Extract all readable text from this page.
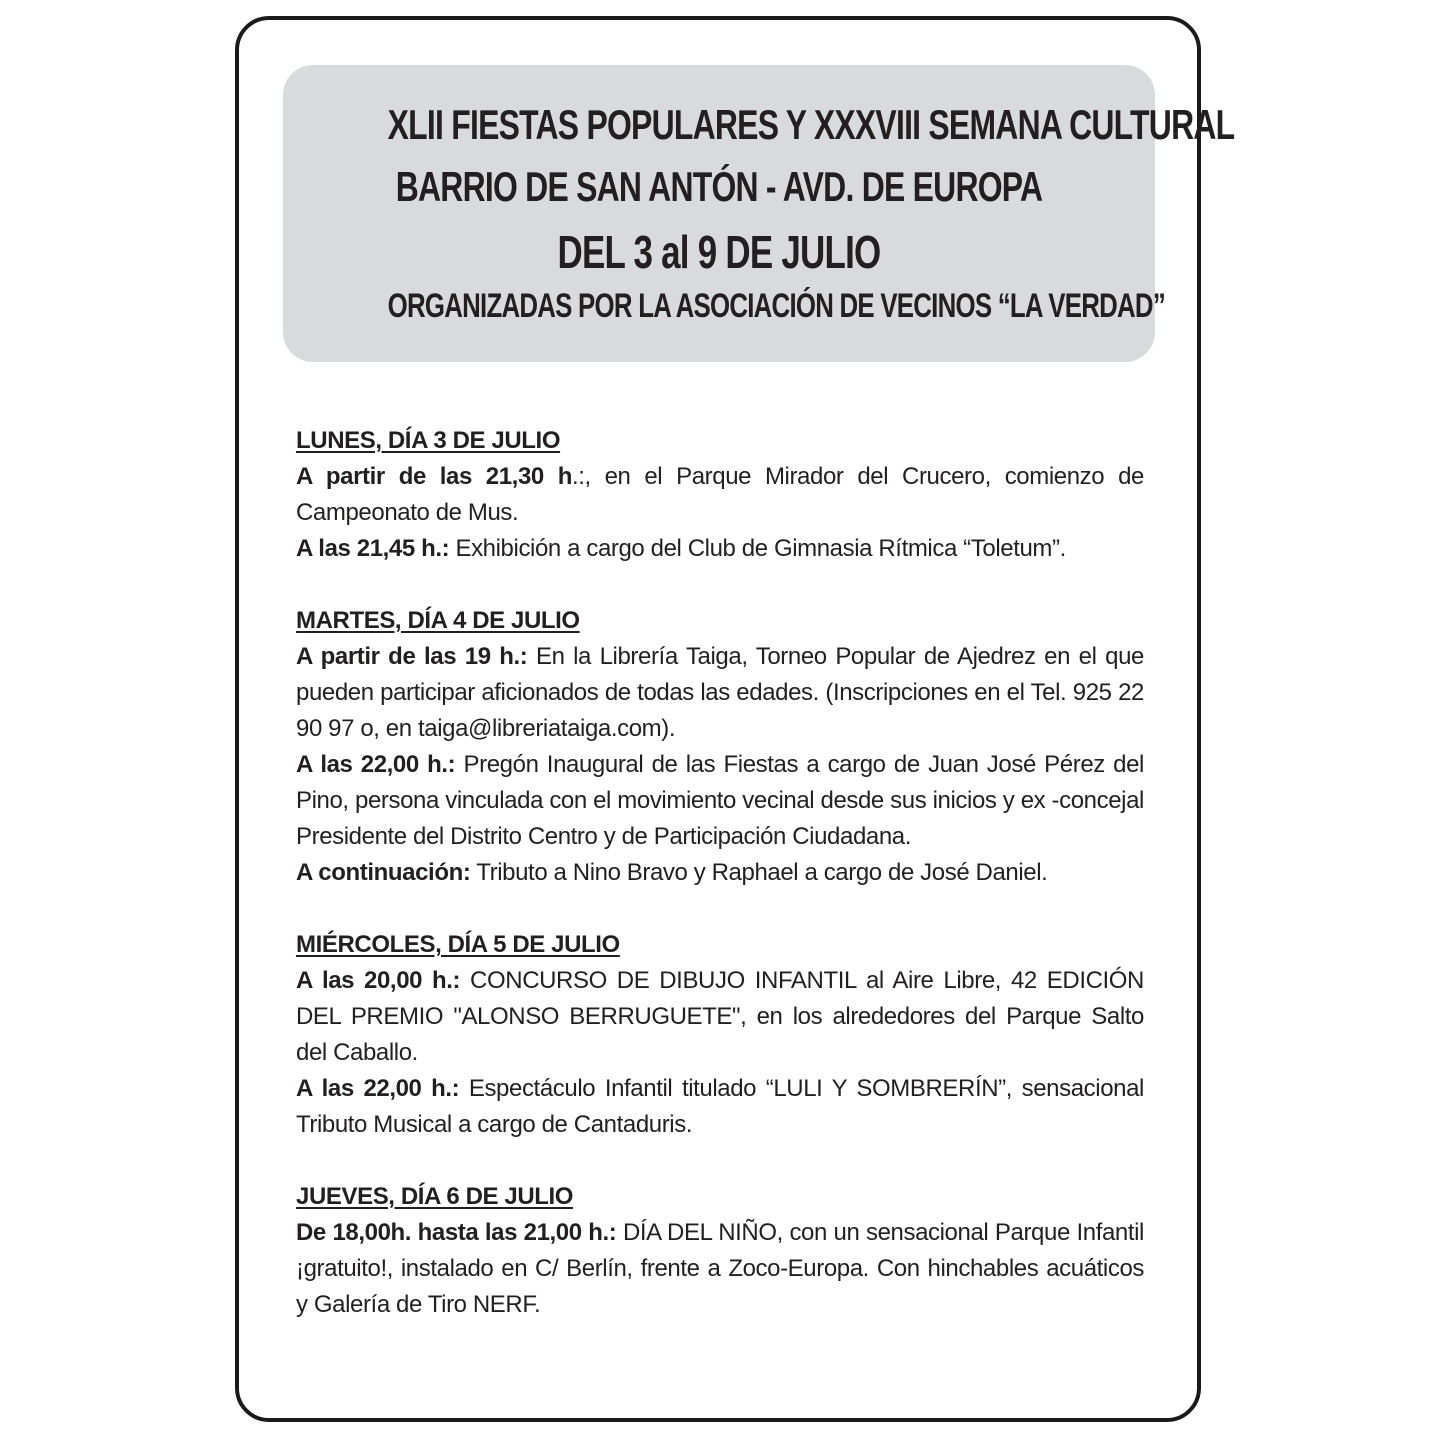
XLII FIESTAS POPULARES Y XXXVIII SEMANA CULTURAL
BARRIO DE SAN ANTÓN - AVD. DE EUROPA
DEL 3 al 9 DE JULIO
ORGANIZADAS POR LA ASOCIACIÓN DE VECINOS “LA VERDAD”

LUNES, DÍA 3 DE JULIO

A partir de las 21,30 h.:, en el Parque Mirador del Crucero, comienzo de Campeonato de Mus.

A las 21,45 h.: Exhibición a cargo del Club de Gimnasia Rítmica “Toletum”.

MARTES, DÍA 4 DE JULIO

A partir de las 19 h.: En la Librería Taiga, Torneo Popular de Ajedrez en el que pueden participar aficionados de todas las edades. (Inscripciones en el Tel. 925 22 90 97 o, en taiga@libreriataiga.com).

A las 22,00 h.: Pregón Inaugural de las Fiestas a cargo de Juan José Pérez del Pino, persona vinculada con el movimiento vecinal desde sus inicios y ex -concejal Presidente del Distrito Centro y de Participación Ciudadana.

A continuación: Tributo a Nino Bravo y Raphael a cargo de José Daniel.

MIÉRCOLES, DÍA 5 DE JULIO

A las 20,00 h.: CONCURSO DE DIBUJO INFANTIL al Aire Libre, 42 EDICIÓN DEL PREMIO "ALONSO BERRUGUETE", en los alrededores del Parque Salto del Caballo.

A las 22,00 h.: Espectáculo Infantil titulado “LULI Y SOMBRERÍN”, sensacional Tributo Musical a cargo de Cantaduris.

JUEVES, DÍA 6 DE JULIO

De 18,00h. hasta las 21,00 h.: DÍA DEL NIÑO, con un sensacional Parque Infantil ¡gratuito!, instalado en C/ Berlín, frente a Zoco-Europa. Con hinchables acuáticos y Galería de Tiro NERF.
